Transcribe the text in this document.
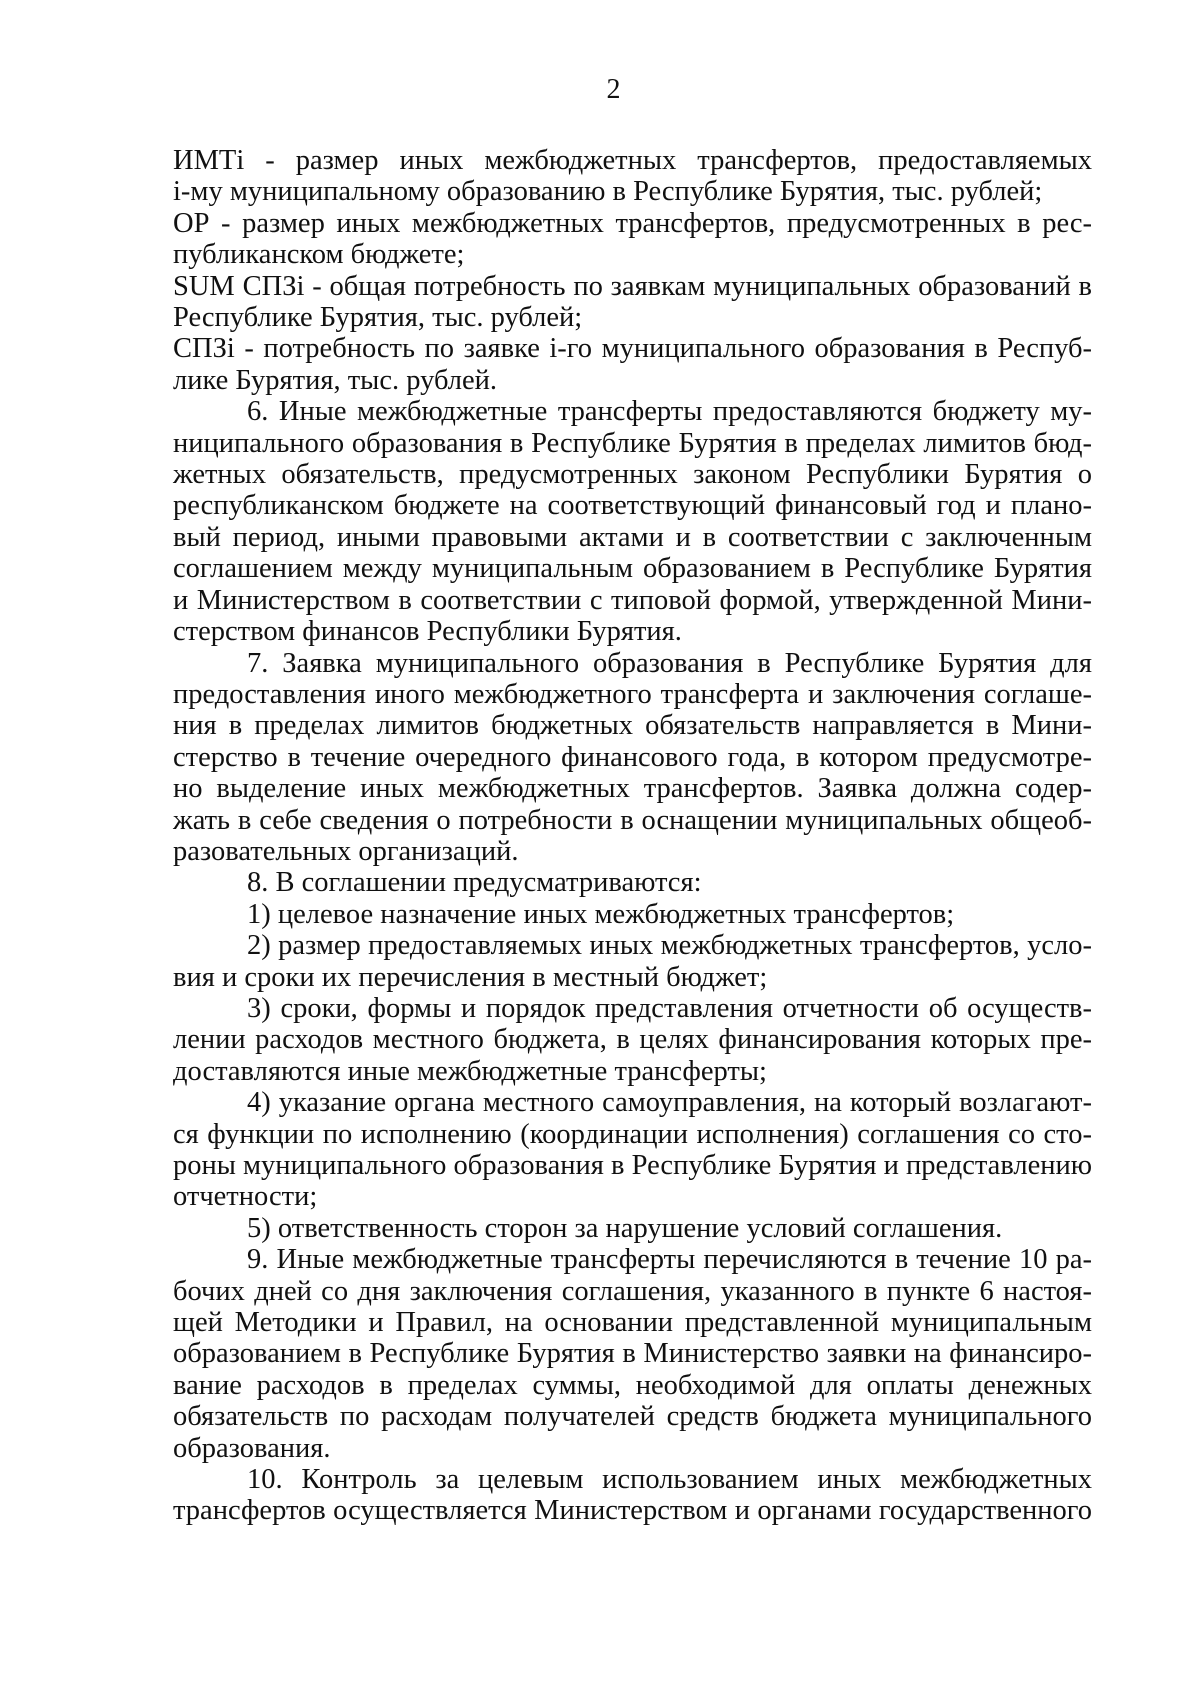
2
ИМТi - размер иных межбюджетных трансфертов, предоставляемых
i-му муниципальному образованию в Республике Бурятия, тыс. рублей;
ОР - размер иных межбюджетных трансфертов, предусмотренных в рес-
публиканском бюджете;
SUM СПЗi - общая потребность по заявкам муниципальных образований в
Республике Бурятия, тыс. рублей;
СПЗi - потребность по заявке i-го муниципального образования в Респуб-
лике Бурятия, тыс. рублей.
6. Иные межбюджетные трансферты предоставляются бюджету му-
ниципального образования в Республике Бурятия в пределах лимитов бюд-
жетных обязательств, предусмотренных законом Республики Бурятия о
республиканском бюджете на соответствующий финансовый год и плано-
вый период, иными правовыми актами и в соответствии с заключенным
соглашением между муниципальным образованием в Республике Бурятия
и Министерством в соответствии с типовой формой, утвержденной Мини-
стерством финансов Республики Бурятия.
7. Заявка муниципального образования в Республике Бурятия для
предоставления иного межбюджетного трансферта и заключения соглаше-
ния в пределах лимитов бюджетных обязательств направляется в Мини-
стерство в течение очередного финансового года, в котором предусмотре-
но выделение иных межбюджетных трансфертов. Заявка должна содер-
жать в себе сведения о потребности в оснащении муниципальных общеоб-
разовательных организаций.
8. В соглашении предусматриваются:
1) целевое назначение иных межбюджетных трансфертов;
2) размер предоставляемых иных межбюджетных трансфертов, усло-
вия и сроки их перечисления в местный бюджет;
3) сроки, формы и порядок представления отчетности об осуществ-
лении расходов местного бюджета, в целях финансирования которых пре-
доставляются иные межбюджетные трансферты;
4) указание органа местного самоуправления, на который возлагают-
ся функции по исполнению (координации исполнения) соглашения со сто-
роны муниципального образования в Республике Бурятия и представлению
отчетности;
5) ответственность сторон за нарушение условий соглашения.
9. Иные межбюджетные трансферты перечисляются в течение 10 ра-
бочих дней со дня заключения соглашения, указанного в пункте 6 настоя-
щей Методики и Правил, на основании представленной муниципальным
образованием в Республике Бурятия в Министерство заявки на финансиро-
вание расходов в пределах суммы, необходимой для оплаты денежных
обязательств по расходам получателей средств бюджета муниципального
образования.
10. Контроль за целевым использованием иных межбюджетных
трансфертов осуществляется Министерством и органами государственного
